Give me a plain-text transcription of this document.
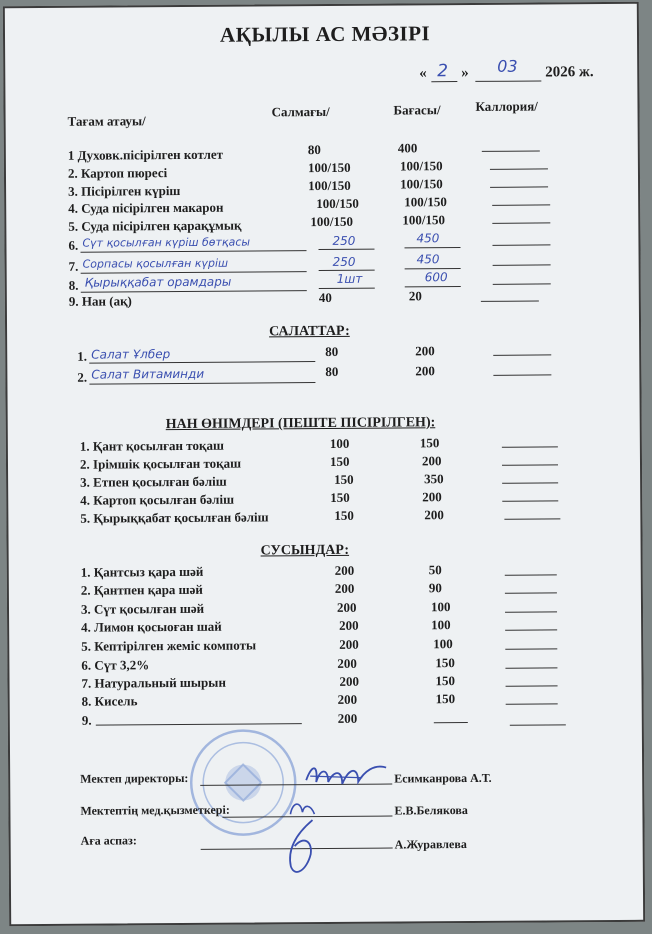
АҚЫЛЫ АС МӘЗІРІ
« 2 » 03 2026 ж.
Тағам атауы/
Салмағы/	Бағасы/	Каллория/
1 Духовк.пісірілген котлет	80	400
2. Картоп пюресі	100/150	100/150
3. Пісірілген күріш	100/150	100/150
4. Суда пісірілген макарон	100/150	100/150
5. Суда пісірілген қарақұмық	100/150	100/150
6. Сүт қосылған күріш бөтқасы	250	450
7. Сорпасы қосылған күріш	250	450
8. Қырыққабат орамдары	1шт	600
9. Нан (ақ)	40	20
САЛАТТАР:
1. Салат Ұлбер	80	200
2. Салат Витаминди	80	200
НАН ӨНІМДЕРІ (ПЕШТЕ ПІСІРІЛГЕН):
1. Қант қосылған тоқаш	100	150
2. Ірімшік қосылған тоқаш	150	200
3. Етпен қосылған бәліш	150	350
4. Картоп қосылған бәліш	150	200
5. Қырыққабат қосылған бәліш	150	200
СУСЫНДАР:
1. Қантсыз қара шәй	200	50
2. Қантпен қара шәй	200	90
3. Сүт қосылған шәй	200	100
4. Лимон қосыоған шай	200	100
5. Кептірілген жеміс компоты	200	100
6. Сүт 3,2%	200	150
7. Натуральный шырын	200	150
8. Кисель	200	150
9.	200
Мектеп директоры:	Есимканрова А.Т.
Мектептің мед.қызметкері:	Е.В.Белякова
Аға аспаз:	А.Журавлева
